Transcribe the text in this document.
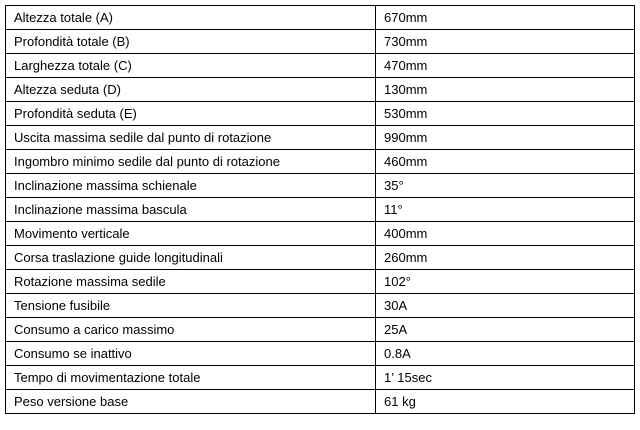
Altezza totale (A)	670mm
Profondità totale (B)	730mm
Larghezza totale (C)	470mm
Altezza seduta (D)	130mm
Profondità seduta (E)	530mm
Uscita massima sedile dal punto di rotazione	990mm
Ingombro minimo sedile dal punto di rotazione	460mm
Inclinazione massima schienale	35°
Inclinazione massima bascula	11°
Movimento verticale	400mm
Corsa traslazione guide longitudinali	260mm
Rotazione massima sedile	102°
Tensione fusibile	30A
Consumo a carico massimo	25A
Consumo se inattivo	0.8A
Tempo di movimentazione totale	1’ 15sec
Peso versione base	61 kg
